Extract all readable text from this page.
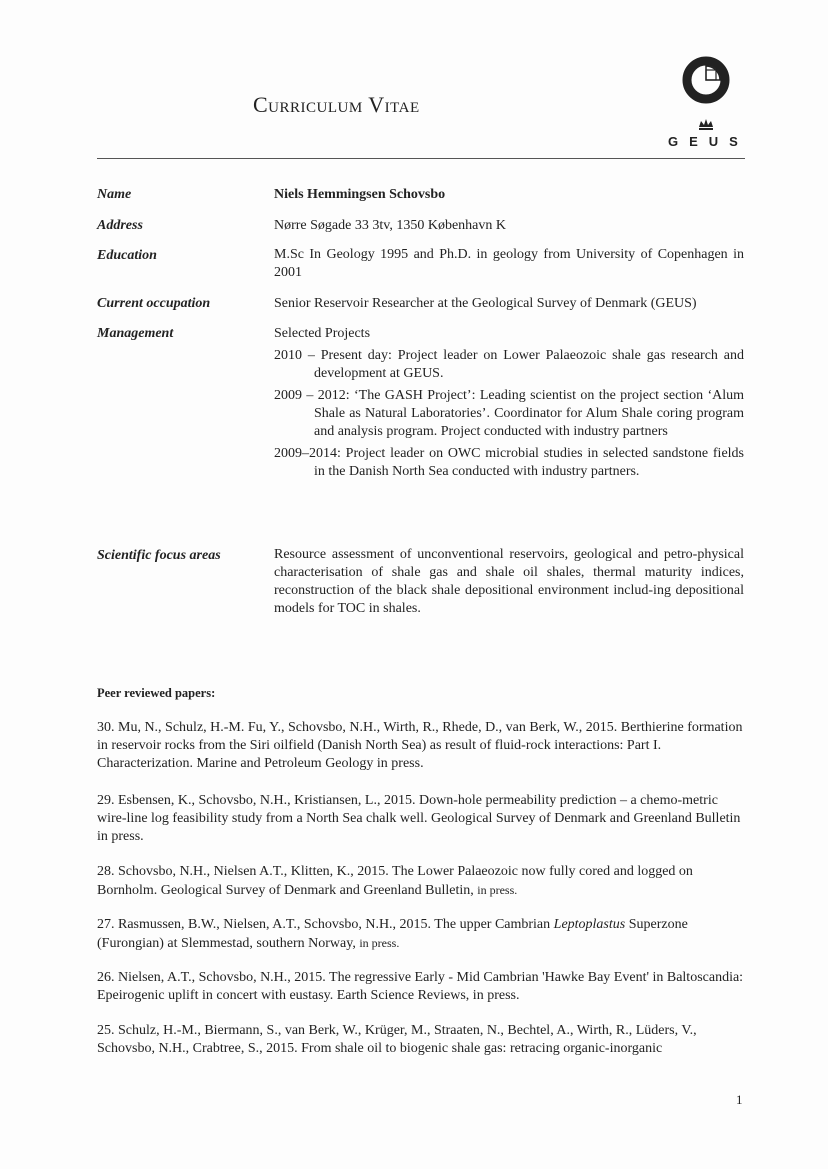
Curriculum Vitae
GEUS
Name	Niels Hemmingsen Schovsbo
Address	Nørre Søgade 33 3tv, 1350 København K
Education	M.Sc In Geology 1995 and Ph.D. in geology from University of Copenhagen in 2001
Current occupation	Senior Reservoir Researcher at the Geological Survey of Denmark (GEUS)
Management	Selected Projects

2010 – Present day: Project leader on Lower Palaeozoic shale gas research and development at GEUS.

2009 – 2012: ‘The GASH Project’: Leading scientist on the project section ‘Alum Shale as Natural Laboratories’. Coordinator for Alum Shale coring program and analysis program. Project conducted with industry partners

2009–2014: Project leader on OWC microbial studies in selected sandstone fields in the Danish North Sea conducted with industry partners.

Scientific focus areas	Resource assessment of unconventional reservoirs, geological and petro-physical characterisation of shale gas and shale oil shales, thermal maturity indices, reconstruction of the black shale depositional environment includ-ing depositional models for TOC in shales.
Peer reviewed papers:
30. Mu, N., Schulz, H.-M. Fu, Y., Schovsbo, N.H., Wirth, R., Rhede, D., van Berk, W., 2015. Berthierine formation in reservoir rocks from the Siri oilfield (Danish North Sea) as result of fluid-rock interactions: Part I. Characterization. Marine and Petroleum Geology in press.
29. Esbensen, K., Schovsbo, N.H., Kristiansen, L., 2015. Down-hole permeability prediction – a chemo-metric wire-line log feasibility study from a North Sea chalk well. Geological Survey of Denmark and Greenland Bulletin in press.
28. Schovsbo, N.H., Nielsen A.T., Klitten, K., 2015. The Lower Palaeozoic now fully cored and logged on Bornholm. Geological Survey of Denmark and Greenland Bulletin, in press.
27. Rasmussen, B.W., Nielsen, A.T., Schovsbo, N.H., 2015. The upper Cambrian Leptoplastus Superzone (Furongian) at Slemmestad, southern Norway, in press.
26. Nielsen, A.T., Schovsbo, N.H., 2015. The regressive Early - Mid Cambrian 'Hawke Bay Event' in Baltoscandia: Epeirogenic uplift in concert with eustasy. Earth Science Reviews, in press.
25. Schulz, H.-M., Biermann, S., van Berk, W., Krüger, M., Straaten, N., Bechtel, A., Wirth, R., Lüders, V., Schovsbo, N.H., Crabtree, S., 2015. From shale oil to biogenic shale gas: retracing organic-inorganic
1
